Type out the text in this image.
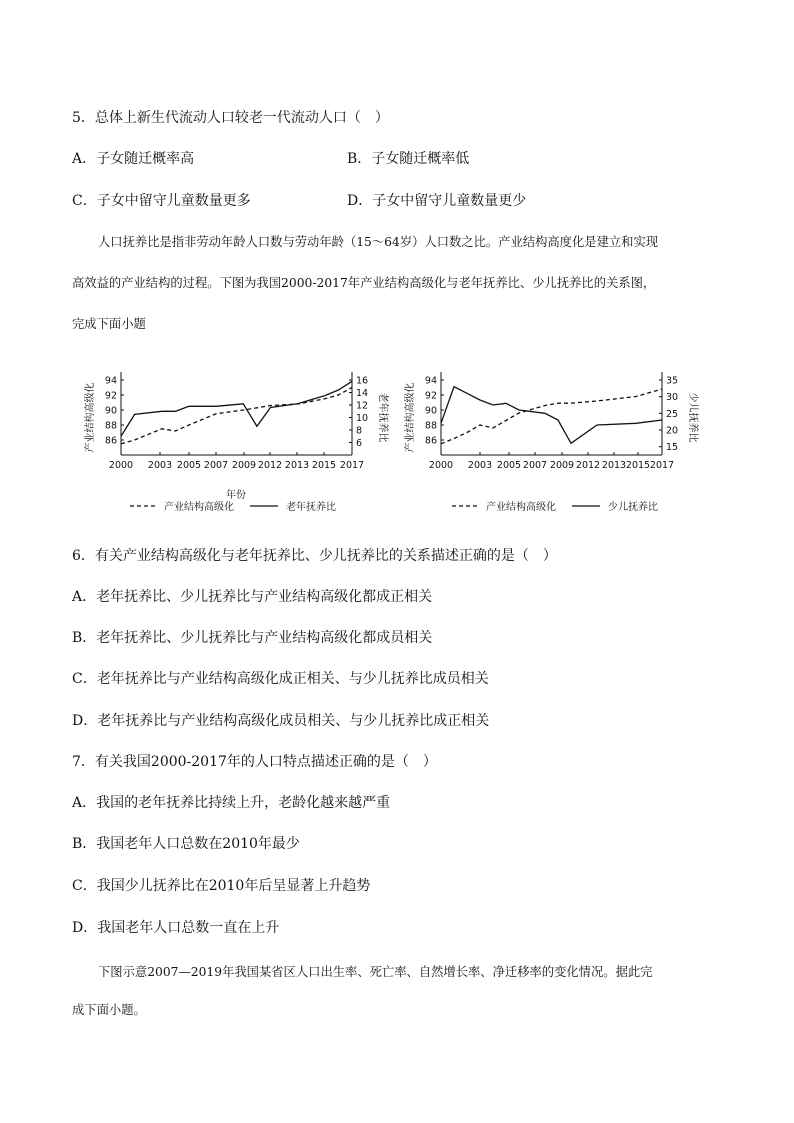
5．总体上新生代流动人口较老一代流动人口（　）
A．子女随迁概率高	B．子女随迁概率低
C．子女中留守儿童数量更多	D．子女中留守儿童数量更少
人口抚养比是指非劳动年龄人口数与劳动年龄（15～64岁）人口数之比。产业结构高度化是建立和实现
高效益的产业结构的过程。下图为我国2000-2017年产业结构高级化与老年抚养比、少儿抚养比的关系图，
完成下面小题
86
88
90
92
94
6
8
10
12
14
16
2000 2003 2005 2007 2009 2012 2013 2015 2017
产业结构高级化	老年抚养比
年份
产业结构高级化	老年抚养比
86
88
90
92
94
15
20
25
30
35
2000 2003 2005 2007 2009 2012 2013 2015 2017
产业结构高级化	少儿抚养比
产业结构高级化	少儿抚养比
6．有关产业结构高级化与老年抚养比、少儿抚养比的关系描述正确的是（　）
A．老年抚养比、少儿抚养比与产业结构高级化都成正相关
B．老年抚养比、少儿抚养比与产业结构高级化都成员相关
C．老年抚养比与产业结构高级化成正相关、与少儿抚养比成员相关
D．老年抚养比与产业结构高级化成员相关、与少儿抚养比成正相关
7．有关我国2000-2017年的人口特点描述正确的是（　）
A．我国的老年抚养比持续上升，老龄化越来越严重
B．我国老年人口总数在2010年最少
C．我国少儿抚养比在2010年后呈显著上升趋势
D．我国老年人口总数一直在上升
下图示意2007—2019年我国某省区人口出生率、死亡率、自然增长率、净迁移率的变化情况。据此完
成下面小题。
